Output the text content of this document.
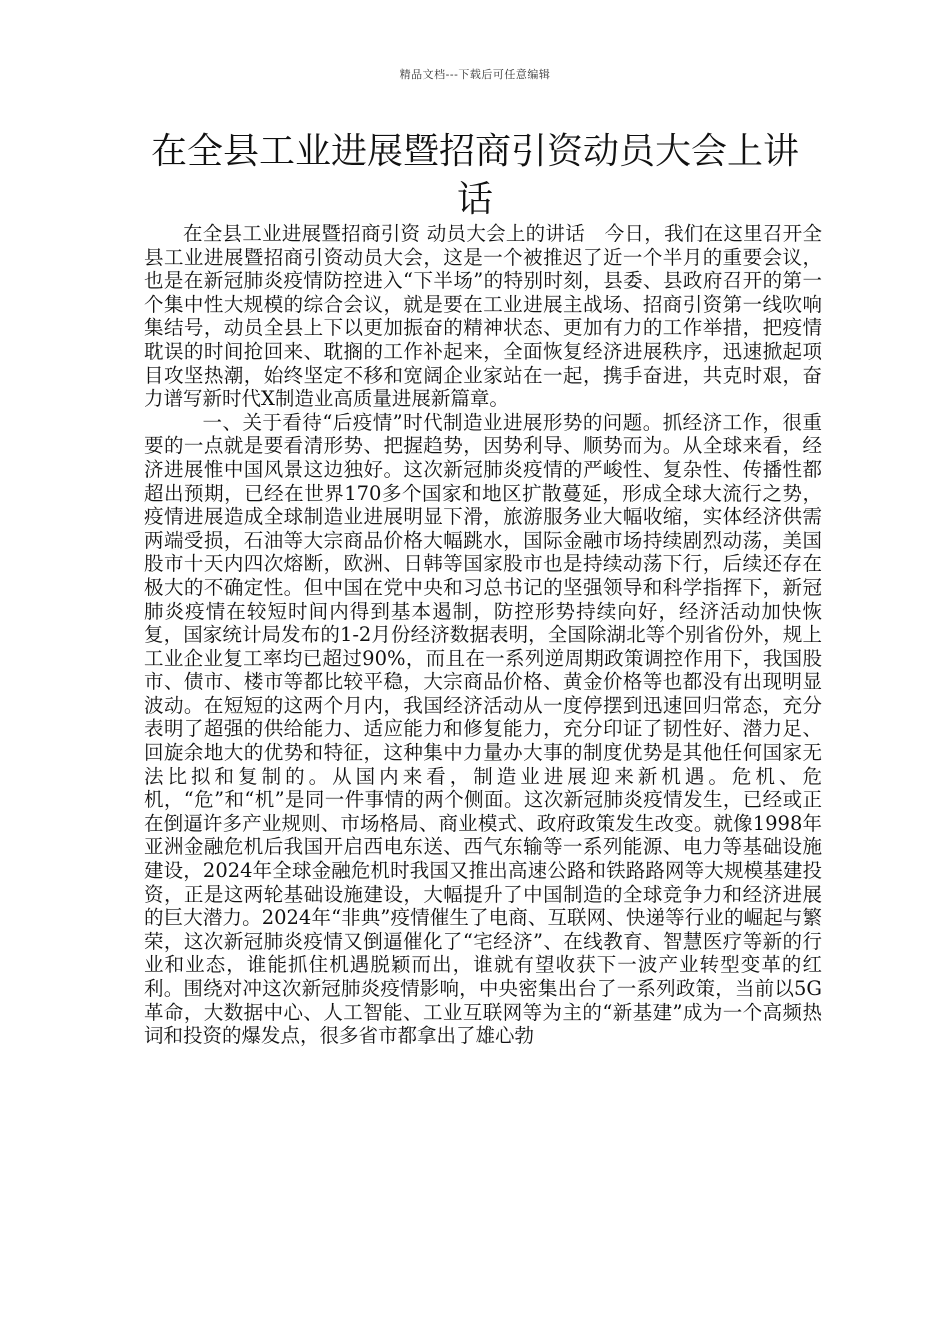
精品文档---下载后可任意编辑
在全县工业进展暨招商引资动员大会上讲话

在全县工业进展暨招商引资 动员大会上的讲话　今日，我们在这里召开全县工业进展暨招商引资动员大会，这是一个被推迟了近一个半月的重要会议，也是在新冠肺炎疫情防控进入“下半场”的特别时刻，县委、县政府召开的第一个集中性大规模的综合会议，就是要在工业进展主战场、招商引资第一线吹响集结号，动员全县上下以更加振奋的精神状态、更加有力的工作举措，把疫情耽误的时间抢回来、耽搁的工作补起来，全面恢复经济进展秩序，迅速掀起项目攻坚热潮，始终坚定不移和宽阔企业家站在一起，携手奋进，共克时艰，奋力谱写新时代X制造业高质量进展新篇章。

一、关于看待“后疫情”时代制造业进展形势的问题。抓经济工作，很重要的一点就是要看清形势、把握趋势，因势利导、顺势而为。从全球来看，经济进展惟中国风景这边独好。这次新冠肺炎疫情的严峻性、复杂性、传播性都超出预期，已经在世界170多个国家和地区扩散蔓延，形成全球大流行之势，疫情进展造成全球制造业进展明显下滑，旅游服务业大幅收缩，实体经济供需两端受损，石油等大宗商品价格大幅跳水，国际金融市场持续剧烈动荡，美国股市十天内四次熔断，欧洲、日韩等国家股市也是持续动荡下行，后续还存在极大的不确定性。但中国在党中央和习总书记的坚强领导和科学指挥下，新冠肺炎疫情在较短时间内得到基本遏制，防控形势持续向好，经济活动加快恢复，国家统计局发布的1-2月份经济数据表明，全国除湖北等个别省份外，规上工业企业复工率均已超过90%，而且在一系列逆周期政策调控作用下，我国股市、债市、楼市等都比较平稳，大宗商品价格、黄金价格等也都没有出现明显波动。在短短的这两个月内，我国经济活动从一度停摆到迅速回归常态，充分表明了超强的供给能力、适应能力和修复能力，充分印证了韧性好、潜力足、回旋余地大的优势和特征，这种集中力量办大事的制度优势是其他任何国家无法比拟和复制的。从国内来看，制造业进展迎来新机遇。危机、危机，“危”和“机”是同一件事情的两个侧面。这次新冠肺炎疫情发生，已经或正在倒逼许多产业规则、市场格局、商业模式、政府政策发生改变。就像1998年亚洲金融危机后我国开启西电东送、西气东输等一系列能源、电力等基础设施建设，2024年全球金融危机时我国又推出高速公路和铁路路网等大规模基建投资，正是这两轮基础设施建设，大幅提升了中国制造的全球竞争力和经济进展的巨大潜力。2024年“非典”疫情催生了电商、互联网、快递等行业的崛起与繁荣，这次新冠肺炎疫情又倒逼催化了“宅经济”、在线教育、智慧医疗等新的行业和业态，谁能抓住机遇脱颖而出，谁就有望收获下一波产业转型变革的红利。围绕对冲这次新冠肺炎疫情影响，中央密集出台了一系列政策，当前以5G革命，大数据中心、人工智能、工业互联网等为主的“新基建”成为一个高频热词和投资的爆发点，很多省市都拿出了雄心勃
